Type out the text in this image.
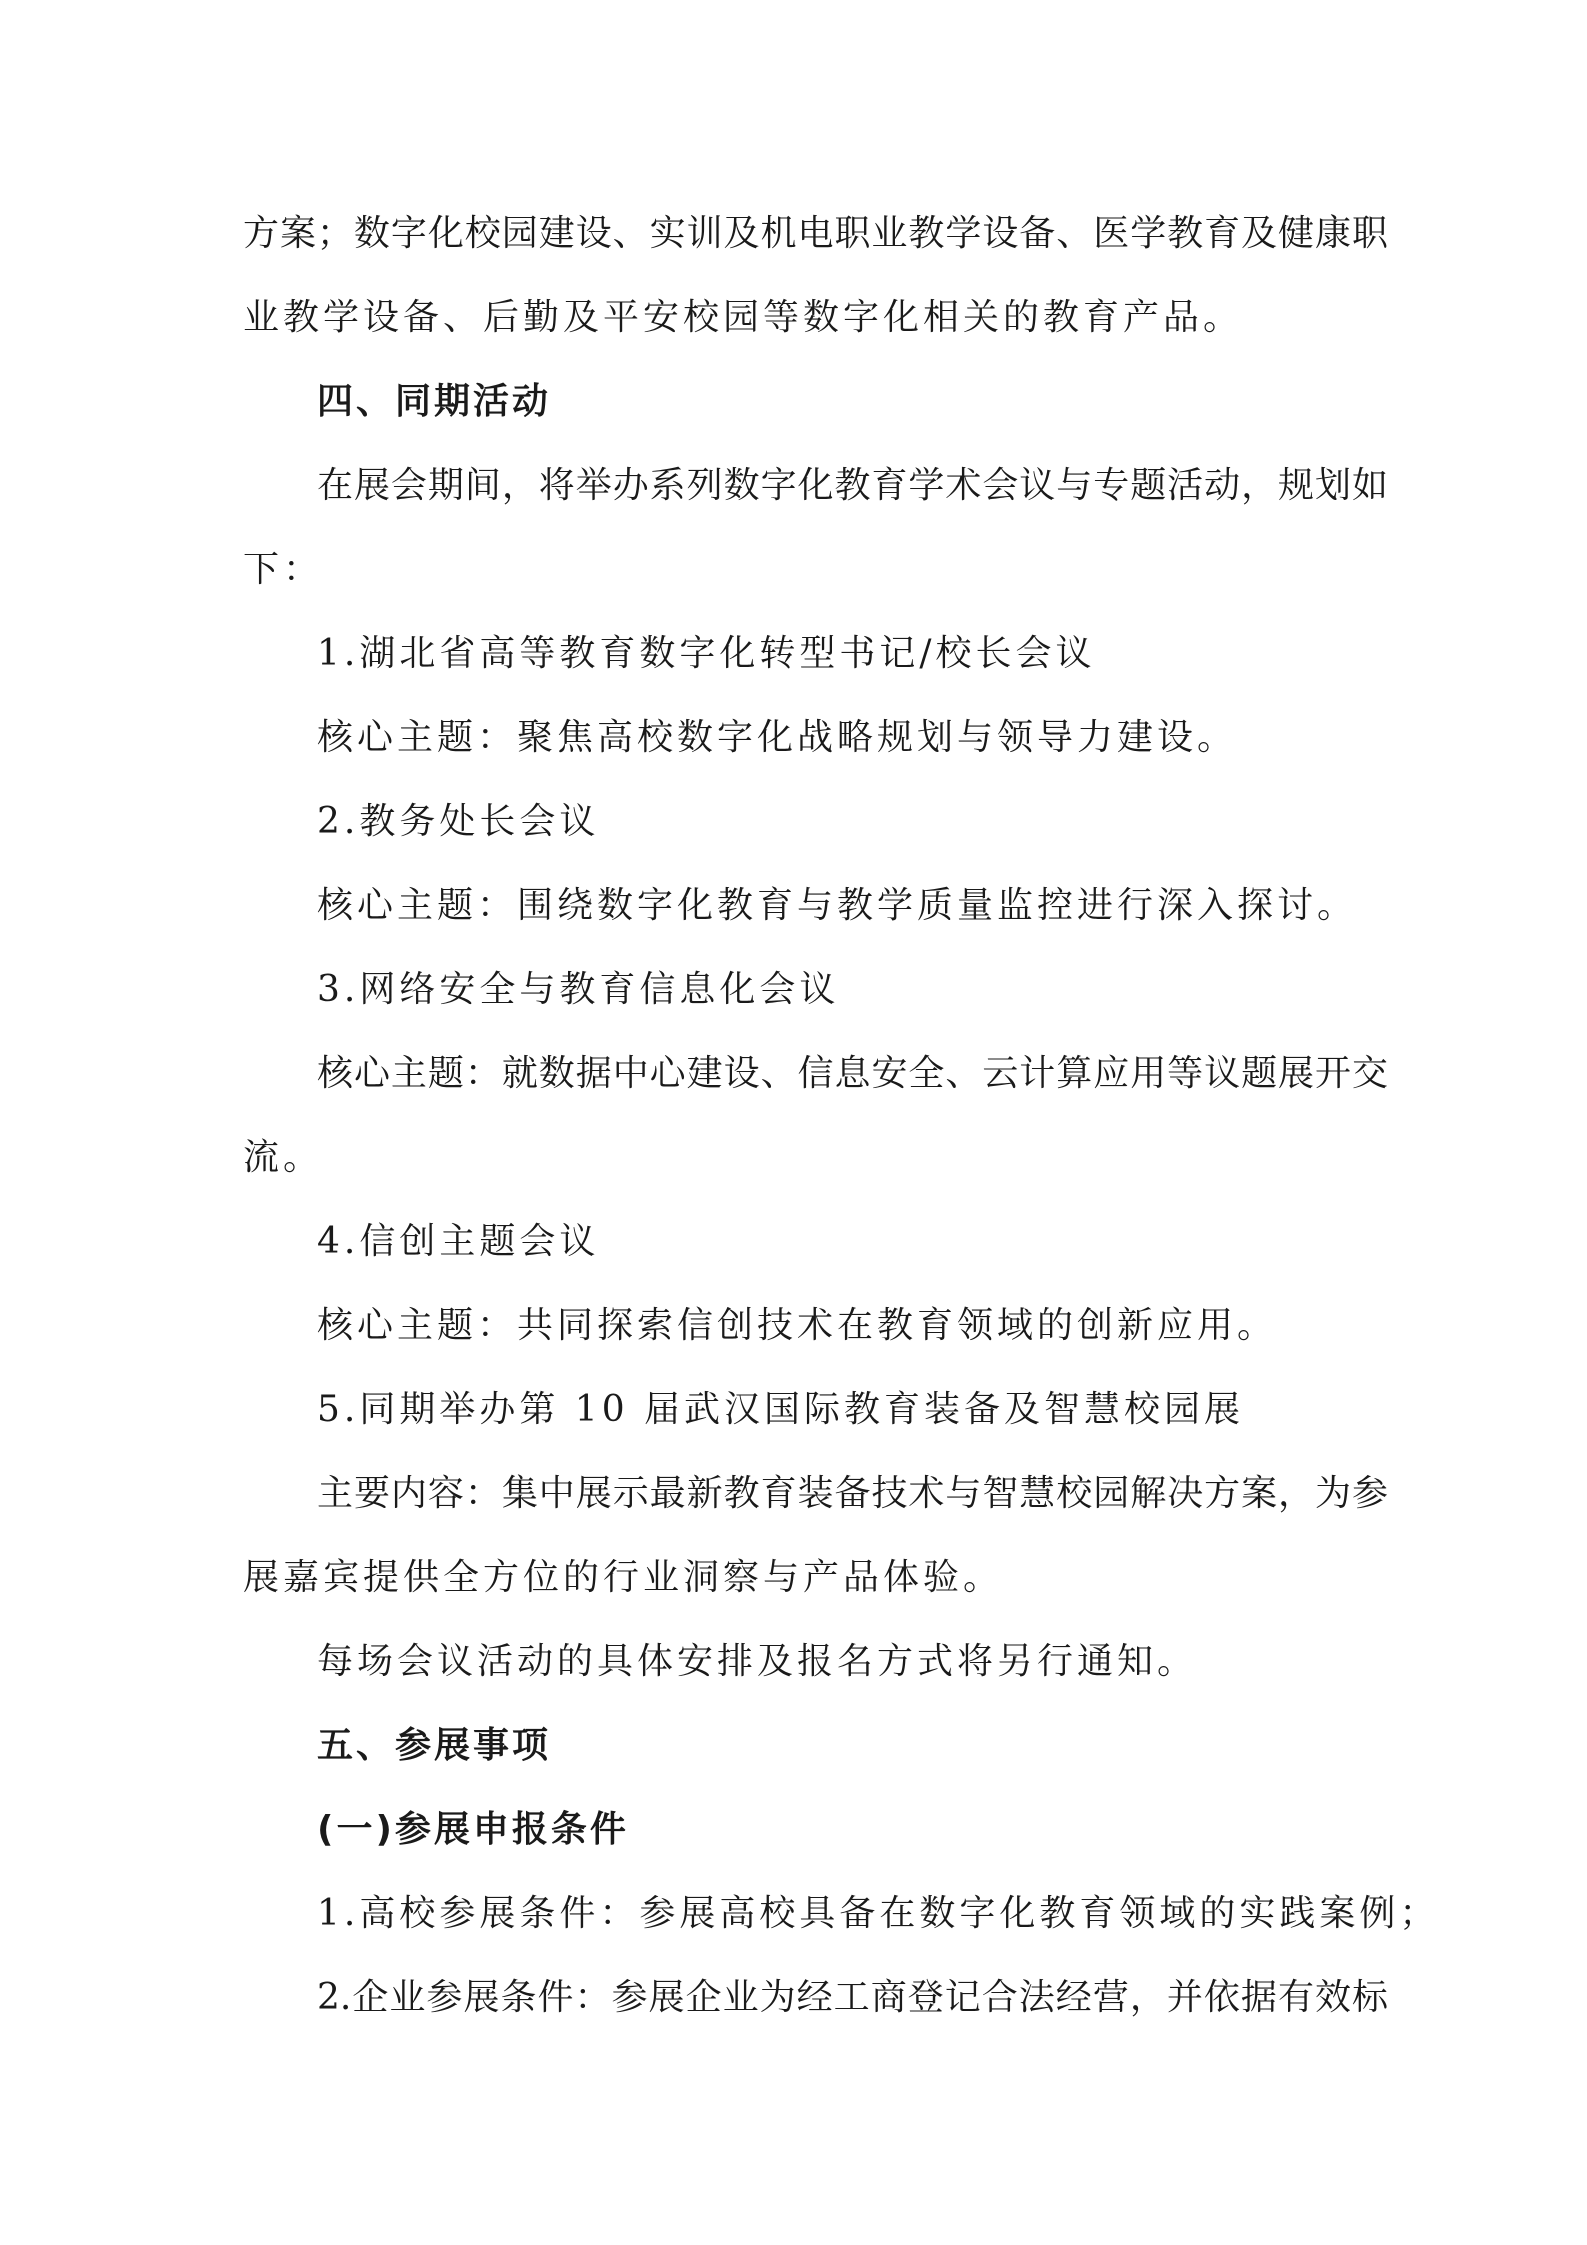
方案；数字化校园建设、实训及机电职业教学设备、医学教育及健康职
业教学设备、后勤及平安校园等数字化相关的教育产品。
四、同期活动
在展会期间，将举办系列数字化教育学术会议与专题活动，规划如
下：
1.湖北省高等教育数字化转型书记/校长会议
核心主题：聚焦高校数字化战略规划与领导力建设。
2.教务处长会议
核心主题：围绕数字化教育与教学质量监控进行深入探讨。
3.网络安全与教育信息化会议
核心主题：就数据中心建设、信息安全、云计算应用等议题展开交
流。
4.信创主题会议
核心主题：共同探索信创技术在教育领域的创新应用。
5.同期举办第 10 届武汉国际教育装备及智慧校园展
主要内容：集中展示最新教育装备技术与智慧校园解决方案，为参
展嘉宾提供全方位的行业洞察与产品体验。
每场会议活动的具体安排及报名方式将另行通知。
五、参展事项
(一)参展申报条件
1.高校参展条件：参展高校具备在数字化教育领域的实践案例；
2.企业参展条件：参展企业为经工商登记合法经营，并依据有效标
